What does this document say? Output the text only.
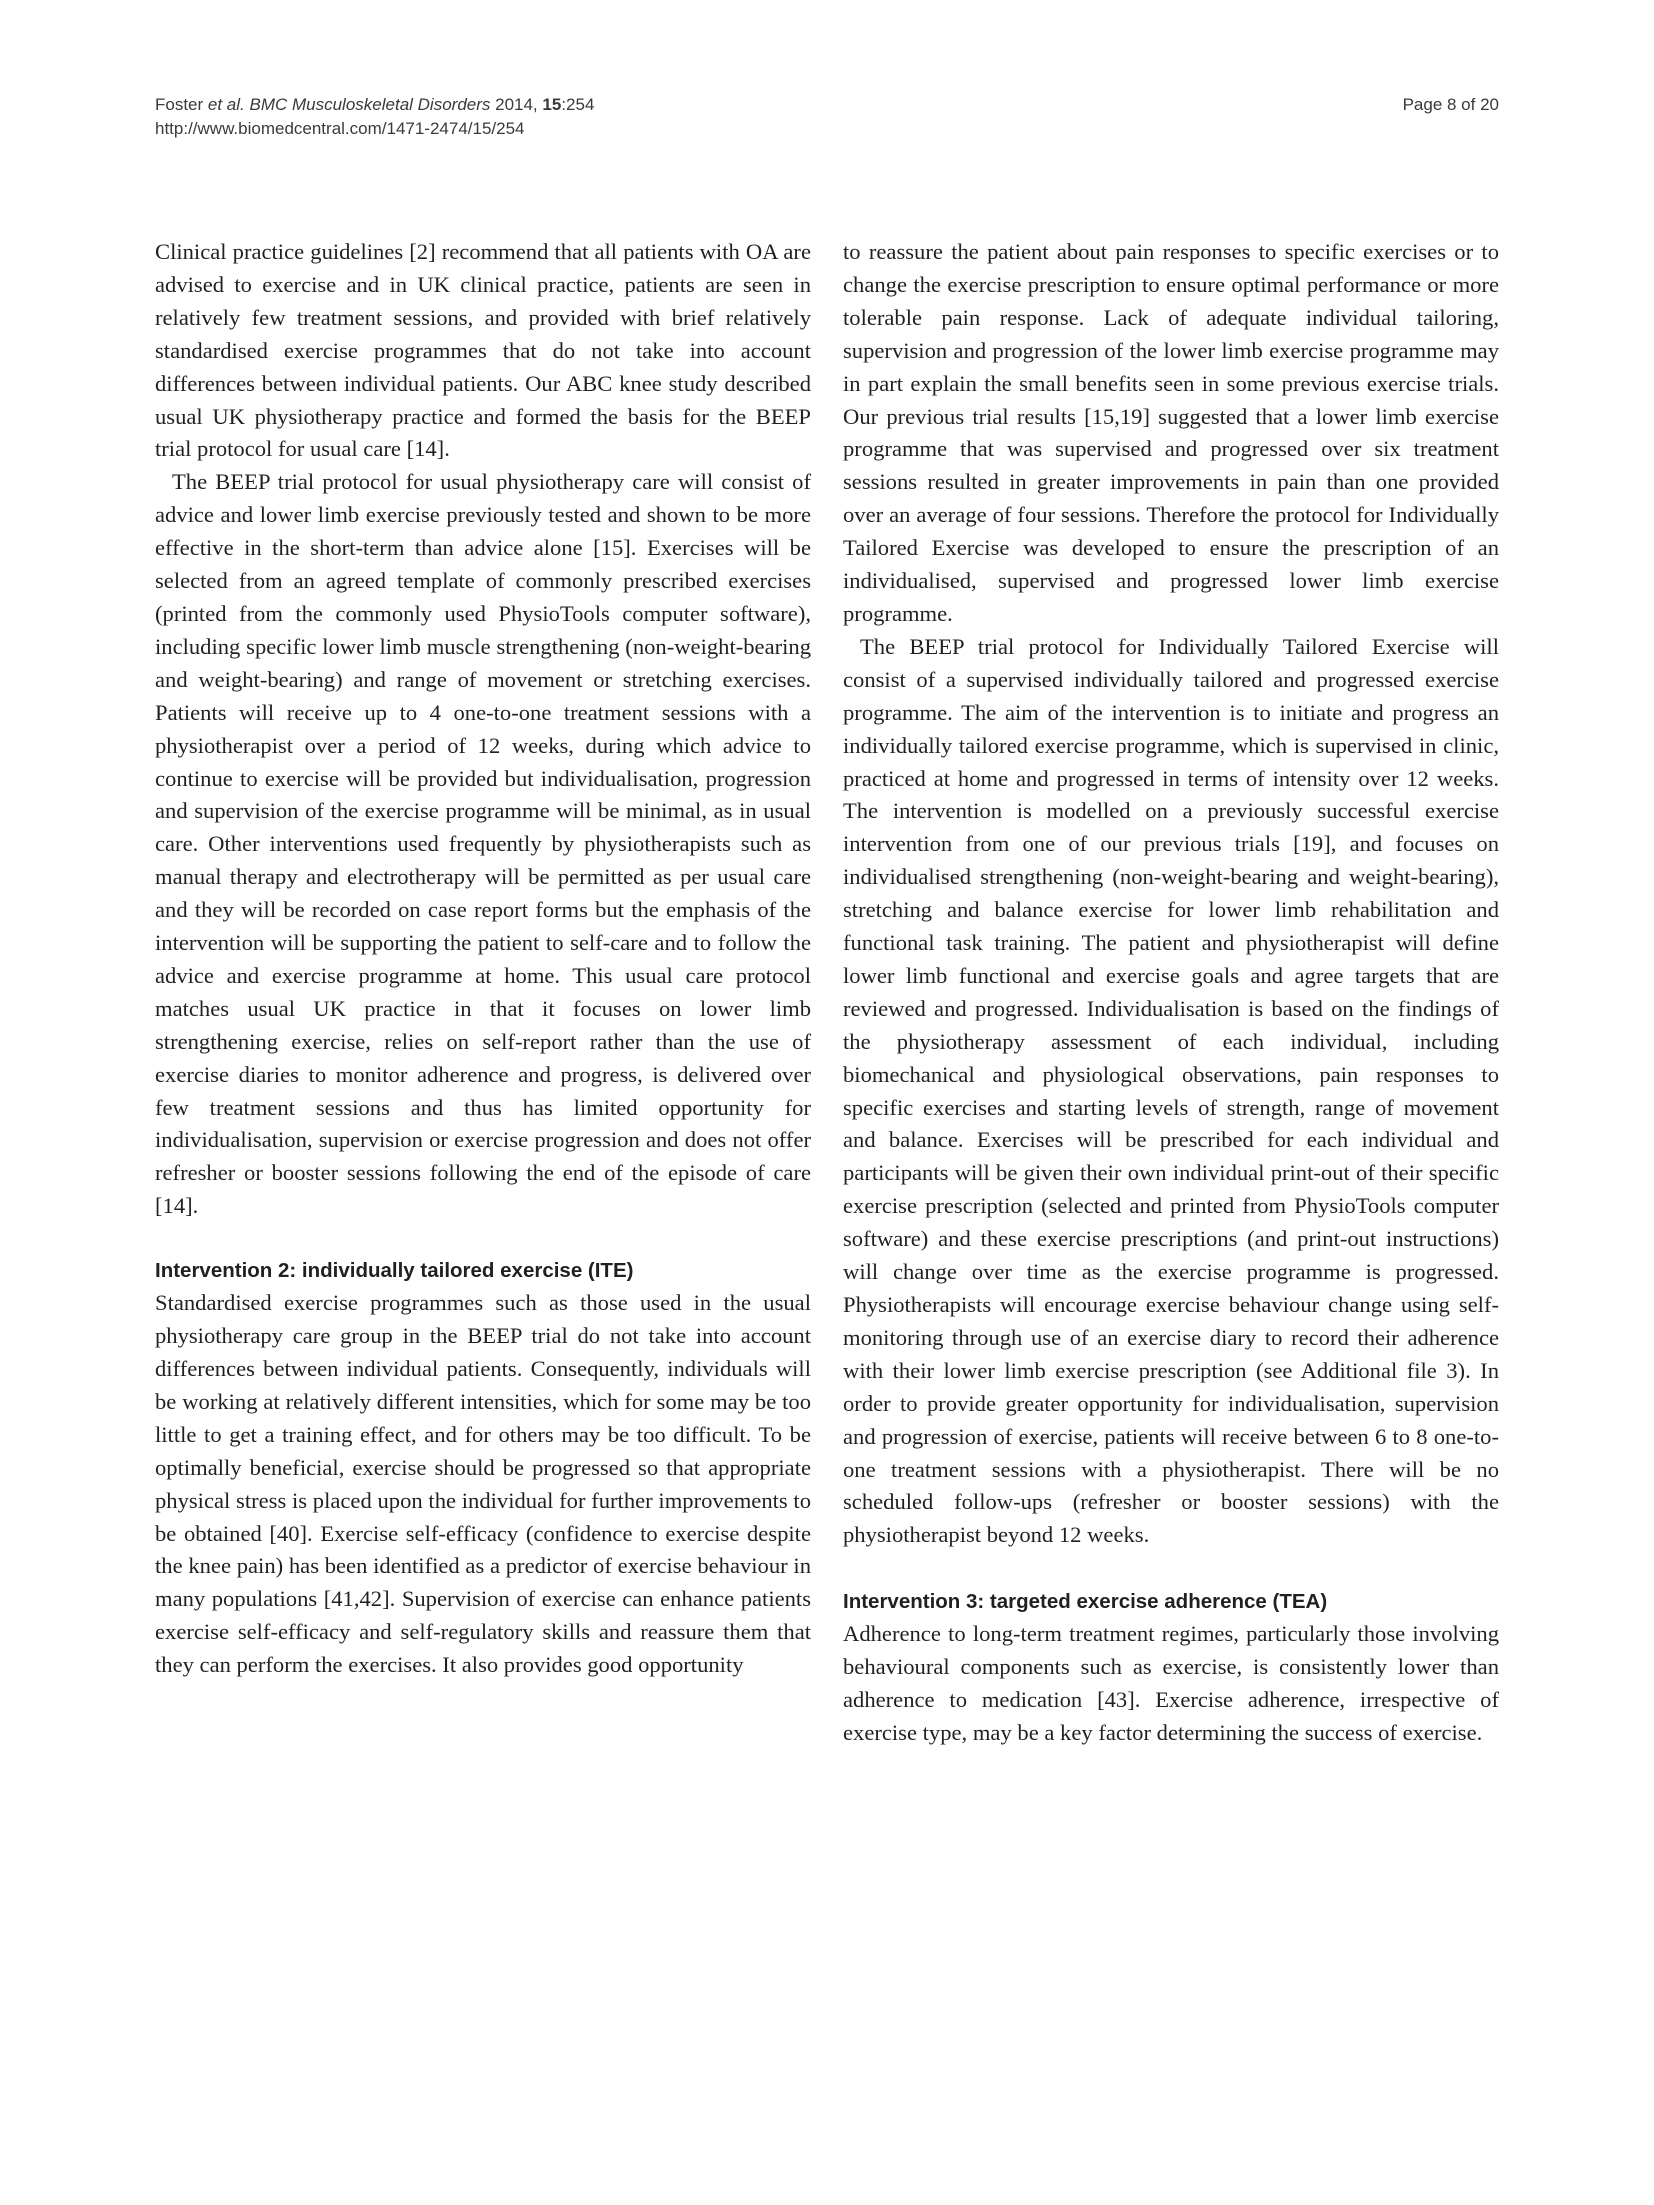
Foster et al. BMC Musculoskeletal Disorders 2014, 15:254
http://www.biomedcentral.com/1471-2474/15/254
Page 8 of 20

Clinical practice guidelines [2] recommend that all patients with OA are advised to exercise and in UK clinical practice, patients are seen in relatively few treatment sessions, and provided with brief relatively standardised exercise programmes that do not take into account differences between individual patients. Our ABC knee study described usual UK physiotherapy practice and formed the basis for the BEEP trial protocol for usual care [14].

The BEEP trial protocol for usual physiotherapy care will consist of advice and lower limb exercise previously tested and shown to be more effective in the short-term than advice alone [15]. Exercises will be selected from an agreed template of commonly prescribed exercises (printed from the commonly used PhysioTools computer software), including specific lower limb muscle strengthening (non-weight-bearing and weight-bearing) and range of movement or stretching exercises. Patients will receive up to 4 one-to-one treatment sessions with a physiotherapist over a period of 12 weeks, during which advice to continue to exercise will be provided but individualisation, progression and supervision of the exercise programme will be minimal, as in usual care. Other interventions used frequently by physiotherapists such as manual therapy and electrotherapy will be permitted as per usual care and they will be recorded on case report forms but the emphasis of the intervention will be supporting the patient to self-care and to follow the advice and exercise programme at home. This usual care protocol matches usual UK practice in that it focuses on lower limb strengthening exercise, relies on self-report rather than the use of exercise diaries to monitor adherence and progress, is delivered over few treatment sessions and thus has limited opportunity for individualisation, supervision or exercise progression and does not offer refresher or booster sessions following the end of the episode of care [14].

Intervention 2: individually tailored exercise (ITE)

Standardised exercise programmes such as those used in the usual physiotherapy care group in the BEEP trial do not take into account differences between individual patients. Consequently, individuals will be working at relatively different intensities, which for some may be too little to get a training effect, and for others may be too difficult. To be optimally beneficial, exercise should be progressed so that appropriate physical stress is placed upon the individual for further improvements to be obtained [40]. Exercise self-efficacy (confidence to exercise despite the knee pain) has been identified as a predictor of exercise behaviour in many populations [41,42]. Supervision of exercise can enhance patients exercise self-efficacy and self-regulatory skills and reassure them that they can perform the exercises. It also provides good opportunity

to reassure the patient about pain responses to specific exercises or to change the exercise prescription to ensure optimal performance or more tolerable pain response. Lack of adequate individual tailoring, supervision and progression of the lower limb exercise programme may in part explain the small benefits seen in some previous exercise trials. Our previous trial results [15,19] suggested that a lower limb exercise programme that was supervised and progressed over six treatment sessions resulted in greater improvements in pain than one provided over an average of four sessions. Therefore the protocol for Individually Tailored Exercise was developed to ensure the prescription of an individualised, supervised and progressed lower limb exercise programme.

The BEEP trial protocol for Individually Tailored Exercise will consist of a supervised individually tailored and progressed exercise programme. The aim of the intervention is to initiate and progress an individually tailored exercise programme, which is supervised in clinic, practiced at home and progressed in terms of intensity over 12 weeks. The intervention is modelled on a previously successful exercise intervention from one of our previous trials [19], and focuses on individualised strengthening (non-weight-bearing and weight-bearing), stretching and balance exercise for lower limb rehabilitation and functional task training. The patient and physiotherapist will define lower limb functional and exercise goals and agree targets that are reviewed and progressed. Individualisation is based on the findings of the physiotherapy assessment of each individual, including biomechanical and physiological observations, pain responses to specific exercises and starting levels of strength, range of movement and balance. Exercises will be prescribed for each individual and participants will be given their own individual print-out of their specific exercise prescription (selected and printed from PhysioTools computer software) and these exercise prescriptions (and print-out instructions) will change over time as the exercise programme is progressed. Physiotherapists will encourage exercise behaviour change using self-monitoring through use of an exercise diary to record their adherence with their lower limb exercise prescription (see Additional file 3). In order to provide greater opportunity for individualisation, supervision and progression of exercise, patients will receive between 6 to 8 one-to-one treatment sessions with a physiotherapist. There will be no scheduled follow-ups (refresher or booster sessions) with the physiotherapist beyond 12 weeks.

Intervention 3: targeted exercise adherence (TEA)

Adherence to long-term treatment regimes, particularly those involving behavioural components such as exercise, is consistently lower than adherence to medication [43]. Exercise adherence, irrespective of exercise type, may be a key factor determining the success of exercise.
